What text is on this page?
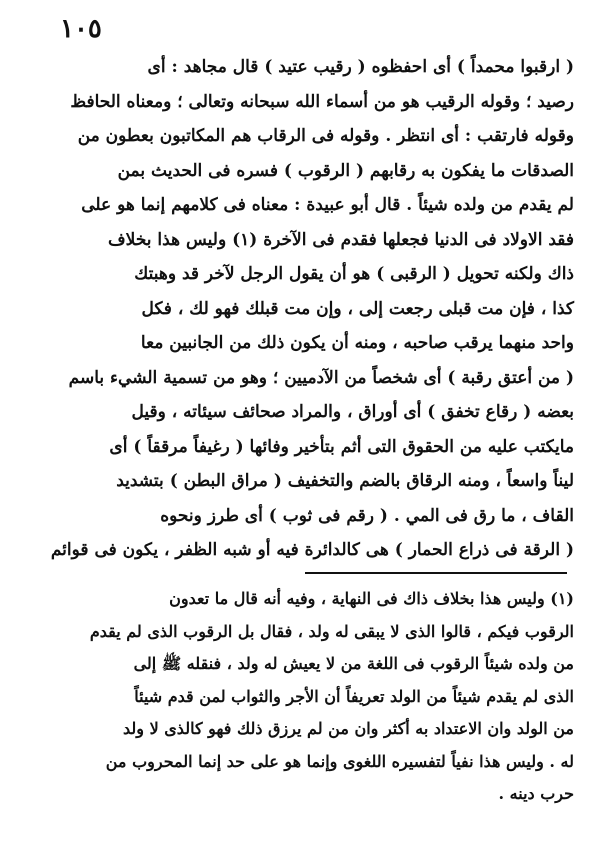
١٠٥

( ارقبوا محمداً ) أى احفظوه ( رقيب عتيد ) قال مجاهد : أى

رصيد ؛ وقوله الرقيب هو من أسماء الله سبحانه وتعالى ؛ ومعناه الحافظ

وقوله فارتقب : أى انتظر . وقوله فى الرقاب هم المكاتبون بعطون من

الصدقات ما يفكون به رقابهم ( الرقوب ) فسره فى الحديث بمن

لم يقدم من ولده شيئاً . قال أبو عبيدة : معناه فى كلامهم إنما هو على

فقد الاولاد فى الدنيا فجعلها فقدم فى الآخرة (١) وليس هذا بخلاف

ذاك ولكنه تحويل ( الرقبى ) هو أن يقول الرجل لآخر قد وهبتك

كذا ، فإن مت قبلى رجعت إلى ، وإن مت قبلك فهو لك ، فكل

واحد منهما يرقب صاحبه ، ومنه أن يكون ذلك من الجانبين معا

( من أعتق رقبة ) أى شخصاً من الآدميين ؛ وهو من تسمية الشيء باسم

بعضه ( رقاع تخفق ) أى أوراق ، والمراد صحائف سيئاته ، وقيل

مايكتب عليه من الحقوق التى أثم بتأخير وفائها ( رغيفاً مرققاً ) أى

ليناً واسعاً ، ومنه الرقاق بالضم والتخفيف ( مراق البطن ) بتشديد

القاف ، ما رق فى المي . ( رقم فى ثوب ) أى طرز ونحوه

( الرقة فى ذراع الحمار ) هى كالدائرة فيه أو شبه الظفر ، يكون فى قوائم

(١) وليس هذا بخلاف ذاك فى النهاية ، وفيه أنه قال ما تعدون

الرقوب فيكم ، قالوا الذى لا يبقى له ولد ، فقال بل الرقوب الذى لم يقدم

من ولده شيئاً الرقوب فى اللغة من لا يعيش له ولد ، فنقله ﷺ إلى

الذى لم يقدم شيئاً من الولد تعريفاً أن الأجر والثواب لمن قدم شيئاً

من الولد وان الاعتداد به أكثر وان من لم يرزق ذلك فهو كالذى لا ولد

له . وليس هذا نفياً لتفسيره اللغوى وإنما هو على حد إنما المحروب من

حرب دينه .
